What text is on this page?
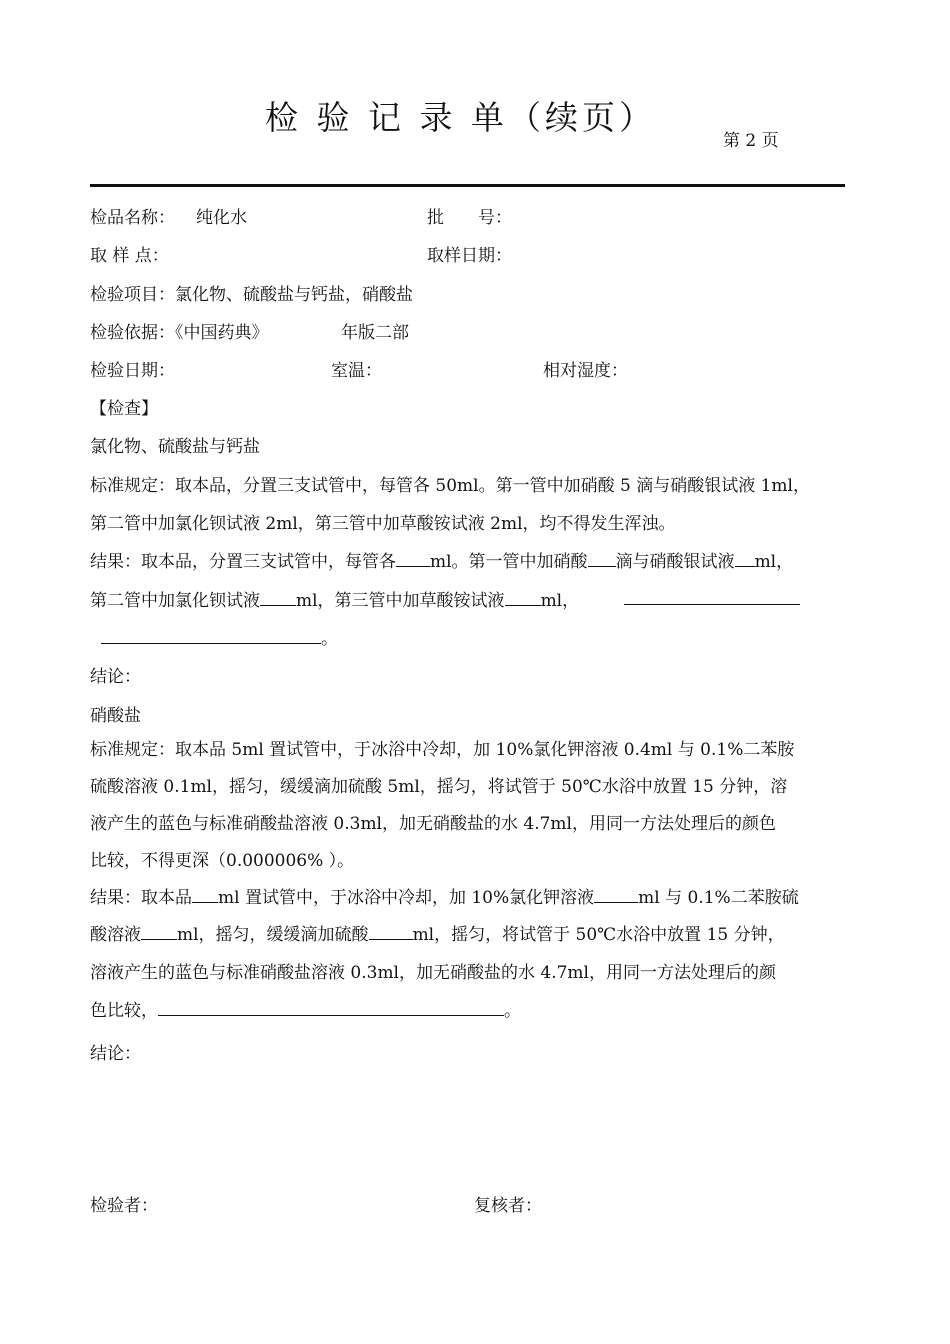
检 验 记 录 单（续页）
第 2 页
检品名称： 纯化水	批　　号：
取 样 点：	取样日期：
检验项目：氯化物、硫酸盐与钙盐，硝酸盐
检验依据：《中国药典》	年版二部
检验日期：	室温：	相对湿度：
【检查】
氯化物、硫酸盐与钙盐
标准规定：取本品，分置三支试管中，每管各 50ml。第一管中加硝酸 5 滴与硝酸银试液 1ml，
第二管中加氯化钡试液 2ml，第三管中加草酸铵试液 2ml，均不得发生浑浊。
结果：取本品，分置三支试管中，每管各 ml。第一管中加硝酸 滴与硝酸银试液 ml，
第二管中加氯化钡试液 ml，第三管中加草酸铵试液 ml，
。
结论：
硝酸盐
标准规定：取本品 5ml 置试管中，于冰浴中冷却，加 10%氯化钾溶液 0.4ml 与 0.1%二苯胺
硫酸溶液 0.1ml，摇匀，缓缓滴加硫酸 5ml，摇匀，将试管于 50℃水浴中放置 15 分钟，溶
液产生的蓝色与标准硝酸盐溶液 0.3ml，加无硝酸盐的水 4.7ml，用同一方法处理后的颜色
比较，不得更深（0.000006% ）。
结果：取本品 ml 置试管中，于冰浴中冷却，加 10%氯化钾溶液	ml 与 0.1%二苯胺硫
酸溶液 ml，摇匀，缓缓滴加硫酸	ml，摇匀，将试管于 50℃水浴中放置 15 分钟，
溶液产生的蓝色与标准硝酸盐溶液 0.3ml，加无硝酸盐的水 4.7ml，用同一方法处理后的颜
色比较，	。
结论：
检验者：	复核者：
